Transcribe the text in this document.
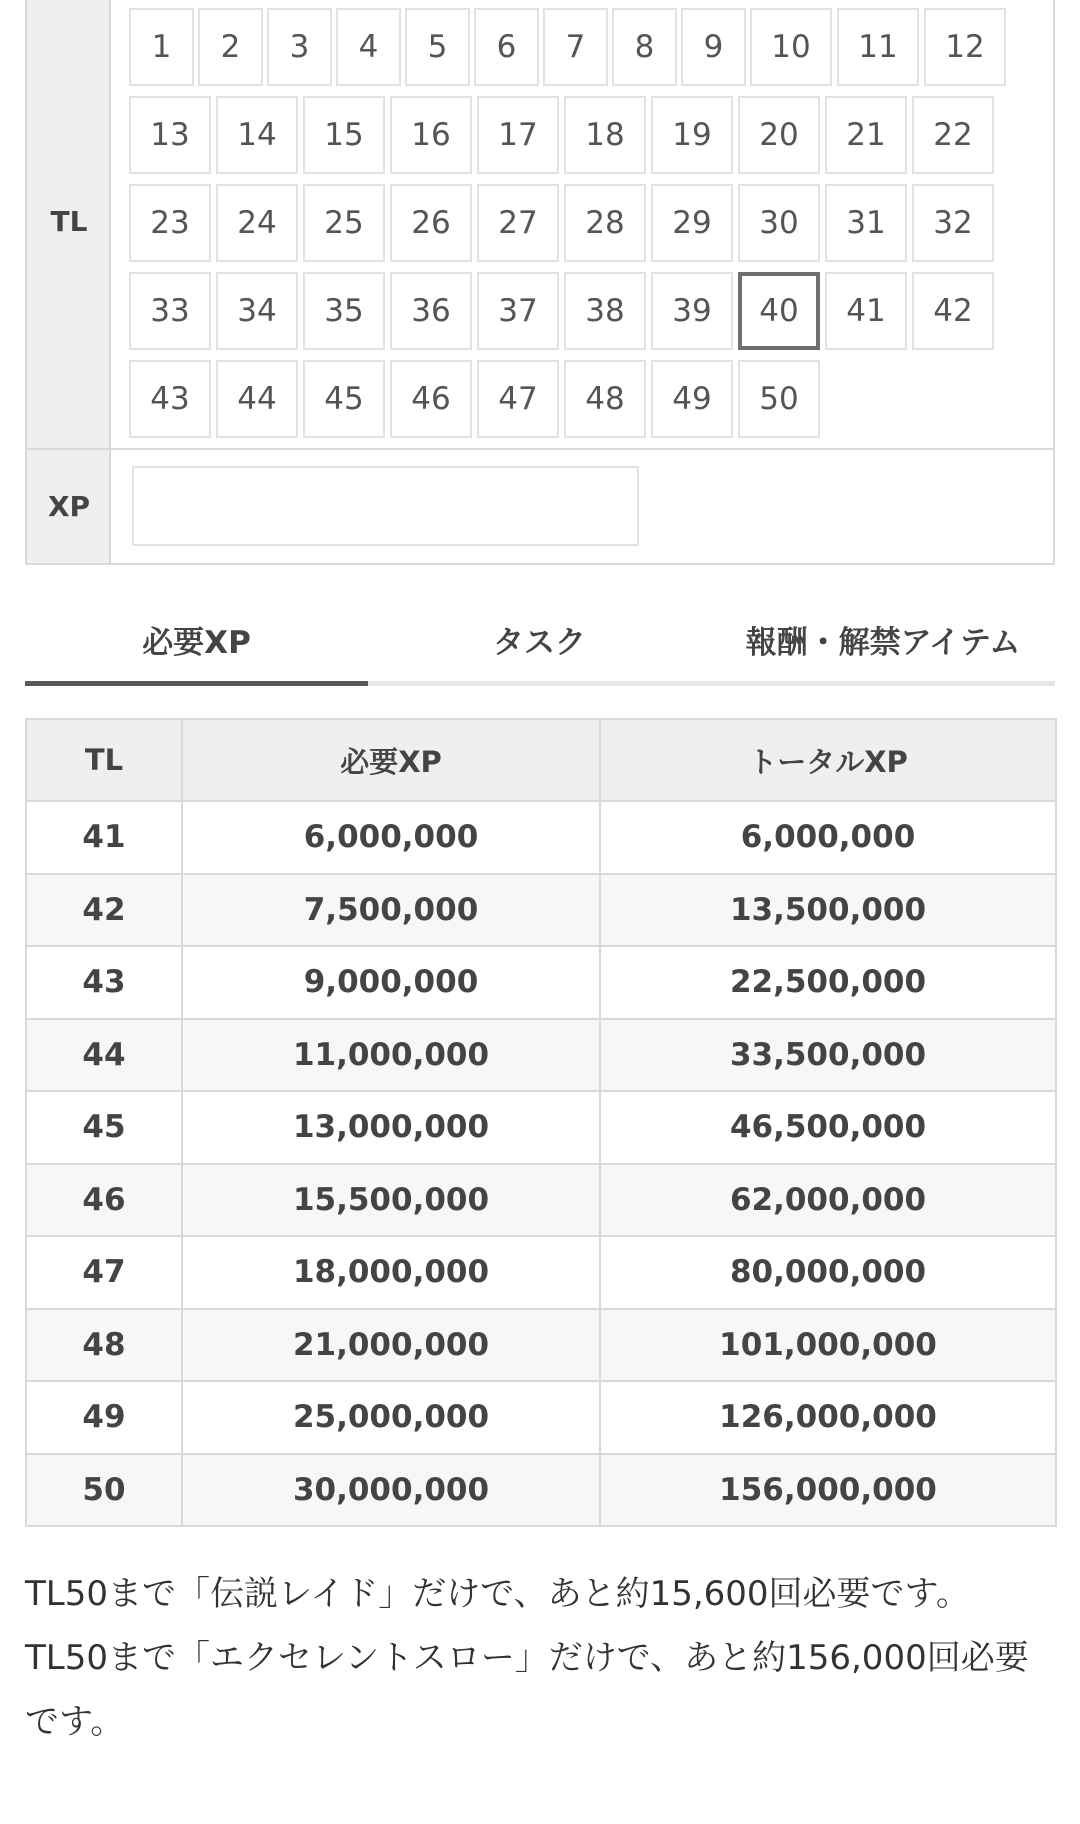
TL
1	2	3	4	5	6	7	8	9	10	11	12
13	14	15	16	17	18	19	20	21	22
23	24	25	26	27	28	29	30	31	32
33	34	35	36	37	38	39	40	41	42
43	44	45	46	47	48	49	50
XP
必要XP	タスク	報酬・解禁アイテム
TL	必要XP	トータルXP
41	6,000,000	6,000,000
42	7,500,000	13,500,000
43	9,000,000	22,500,000
44	11,000,000	33,500,000
45	13,000,000	46,500,000
46	15,500,000	62,000,000
47	18,000,000	80,000,000
48	21,000,000	101,000,000
49	25,000,000	126,000,000
50	30,000,000	156,000,000

TL50まで「伝説レイド」だけで、あと約15,600回必要です。

TL50まで「エクセレントスロー」だけで、あと約156,000回必要です。
